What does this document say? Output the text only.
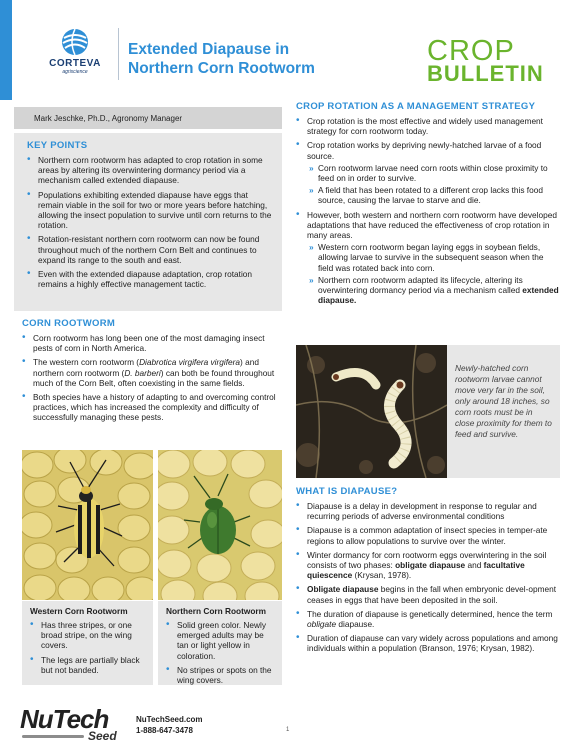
CORTEVA
agriscience
Extended Diapause in
Northern Corn Rootworm
CROP
BULLETIN
Mark Jeschke, Ph.D., Agronomy Manager
KEY POINTS
• Northern corn rootworm has adapted to crop rotation in some areas by altering its overwintering dormancy period via a mechanism called extended diapause.
• Populations exhibiting extended diapause have eggs that remain viable in the soil for two or more years before hatching, allowing the insect population to survive until corn returns to the rotation.
• Rotation-resistant northern corn rootworm can now be found throughout much of the northern Corn Belt and continues to expand its range to the south and east.
• Even with the extended diapause adaptation, crop rotation remains a highly effective management tactic.
CORN ROOTWORM
• Corn rootworm has long been one of the most damaging insect pests of corn in North America.
• The western corn rootworm (Diabrotica virgifera virgifera) and northern corn rootworm (D. barberi) can both be found throughout much of the Corn Belt, often coexisting in the same fields.
• Both species have a history of adapting to and overcoming control practices, which has increased the complexity and difficulty of successfully managing these pests.
Western Corn Rootworm
• Has three stripes, or one broad stripe, on the wing covers.
• The legs are partially black but not banded.
Northern Corn Rootworm
• Solid green color. Newly emerged adults may be tan or light yellow in coloration.
• No stripes or spots on the wing covers.
CROP ROTATION AS A MANAGEMENT STRATEGY
• Crop rotation is the most effective and widely used management strategy for corn rootworm today.
• Crop rotation works by depriving newly-hatched larvae of a food source.
» Corn rootworm larvae need corn roots within close proximity to feed on in order to survive.
» A field that has been rotated to a different crop lacks this food source, causing the larvae to starve and die.
• However, both western and northern corn rootworm have developed adaptations that have reduced the effectiveness of crop rotation in many areas.
» Western corn rootworm began laying eggs in soybean fields, allowing larvae to survive in the subsequent season when the field was rotated back into corn.
» Northern corn rootworm adapted its lifecycle, altering its overwintering dormancy period via a mechanism called extended diapause.
Newly-hatched corn rootworm larvae cannot move very far in the soil, only around 18 inches, so corn roots must be in close proximity for them to feed and survive.
WHAT IS DIAPAUSE?
• Diapause is a delay in development in response to regular and recurring periods of adverse environmental conditions
• Diapause is a common adaptation of insect species in temper-ate regions to allow populations to survive over the winter.
• Winter dormancy for corn rootworm eggs overwintering in the soil consists of two phases: obligate diapause and facultative quiescence (Krysan, 1978).
• Obligate diapause begins in the fall when embryonic devel-opment ceases in eggs that have been deposited in the soil.
• The duration of diapause is genetically determined, hence the term obligate diapause.
• Duration of diapause can vary widely across populations and among individuals within a population (Branson, 1976; Krysan, 1982).
NuTech
Seed
NuTechSeed.com
1-888-647-3478	1
